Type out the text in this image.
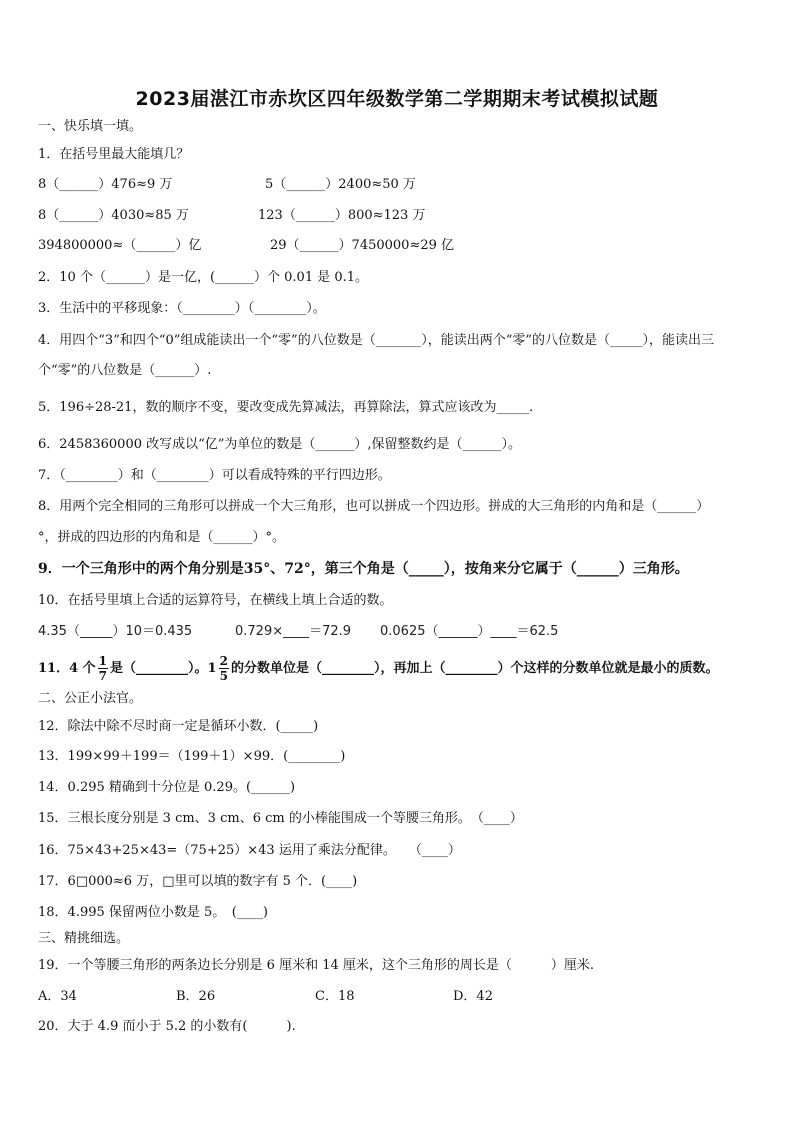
2023届湛江市赤坎区四年级数学第二学期期末考试模拟试题
一、快乐填一填。
1．在括号里最大能填几？
8（______）476≈9 万	5（______）2400≈50 万
8（______）4030≈85 万	123（______）800≈123 万
394800000≈（______）亿	29（______）7450000≈29 亿
2．10 个（______）是一亿，(______）个 0.01 是 0.1。
3．生活中的平移现象：（________）（________）。
4．用四个“3”和四个“0”组成能读出一个“零”的八位数是（_______），能读出两个“零”的八位数是（_____），能读出三
个“零”的八位数是（______）.
5．196÷28-21，数的顺序不变，要改变成先算减法，再算除法，算式应该改为_____.
6．2458360000 改写成以“亿”为单位的数是（______）,保留整数约是（______）。
7．（________）和（________）可以看成特殊的平行四边形。
8．用两个完全相同的三角形可以拼成一个大三角形，也可以拼成一个四边形。拼成的大三角形的内角和是（______）
°，拼成的四边形的内角和是（______）°。
9．一个三角形中的两个角分别是35°、72°，第三个角是（_____），按角来分它属于（______）三角形。
10．在括号里填上合适的运算符号，在横线上填上合适的数。
4.35（_____）10＝0.435	0.729×____＝72.9 0.0625（______）____＝62.5
11．4 个 $\frac{1}{7}$ 是（________）。$1 \frac{2}{5}$ 的分数单位是（________），再加上（________）个这样的分数单位就是最小的质数。
二、公正小法官。
12．除法中除不尽时商一定是循环小数．(_____)
13．199×99＋199＝（199＋1）×99．(________)
14．0.295 精确到十分位是 0.29。(______)
15．三根长度分别是 3 cm、3 cm、6 cm 的小棒能围成一个等腰三角形。　（____）
16．75×43+25×43=（75+25）×43 运用了乘法分配律。　　（____）
17．6□000≈6 万，□里可以填的数字有 5 个．(____)
18．4.995 保留两位小数是 5。　(____)
三、精挑细选。
19．一个等腰三角形的两条边长分别是 6 厘米和 14 厘米，这个三角形的周长是（　　　）厘米.
A．34	B．26	C．18	D．42
20．大于 4.9 而小于 5.2 的小数有(　　　).
